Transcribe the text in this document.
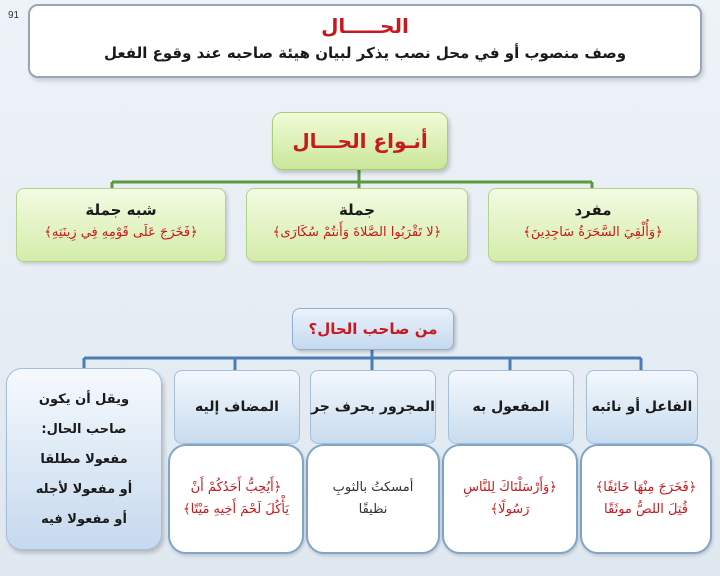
91	الحـــــال
وصف منصوب أو في محل نصب يذكر لبيان هيئة صاحبه عند وقوع الفعل
أنـواع الحـــال
مفرد
﴿وَأُلْقِيَ السَّحَرَةُ سَاجِدِينَ﴾
جملة
﴿لا تَقْرَبُوا الصَّلاةَ وَأَنتُمْ سُكَارَى﴾
شبه جملة
﴿فَخَرَجَ عَلَى قَوْمِهِ فِي زِينَتِهِ﴾
من صاحب الحال؟
الفاعل أو نائبه
المفعول به
المجرور بحرف جر
المضاف إليه
﴿فَخَرَجَ مِنْهَا خَائِفًا﴾
قُتِلَ اللصُّ موثَقًا
﴿وَأَرْسَلْنَاكَ لِلنَّاسِ
رَسُولًا﴾
أمسكتُ بالثوبِ
نظيفًا
﴿أَيُحِبُّ أَحَدُكُمْ أَنْ
يَأْكُلَ لَحْمَ أَخِيهِ مَيْتًا﴾
ويقل أن يكون
صاحب الحال:
مفعولا مطلقا
أو مفعولا لأجله
أو مفعولا فيه
